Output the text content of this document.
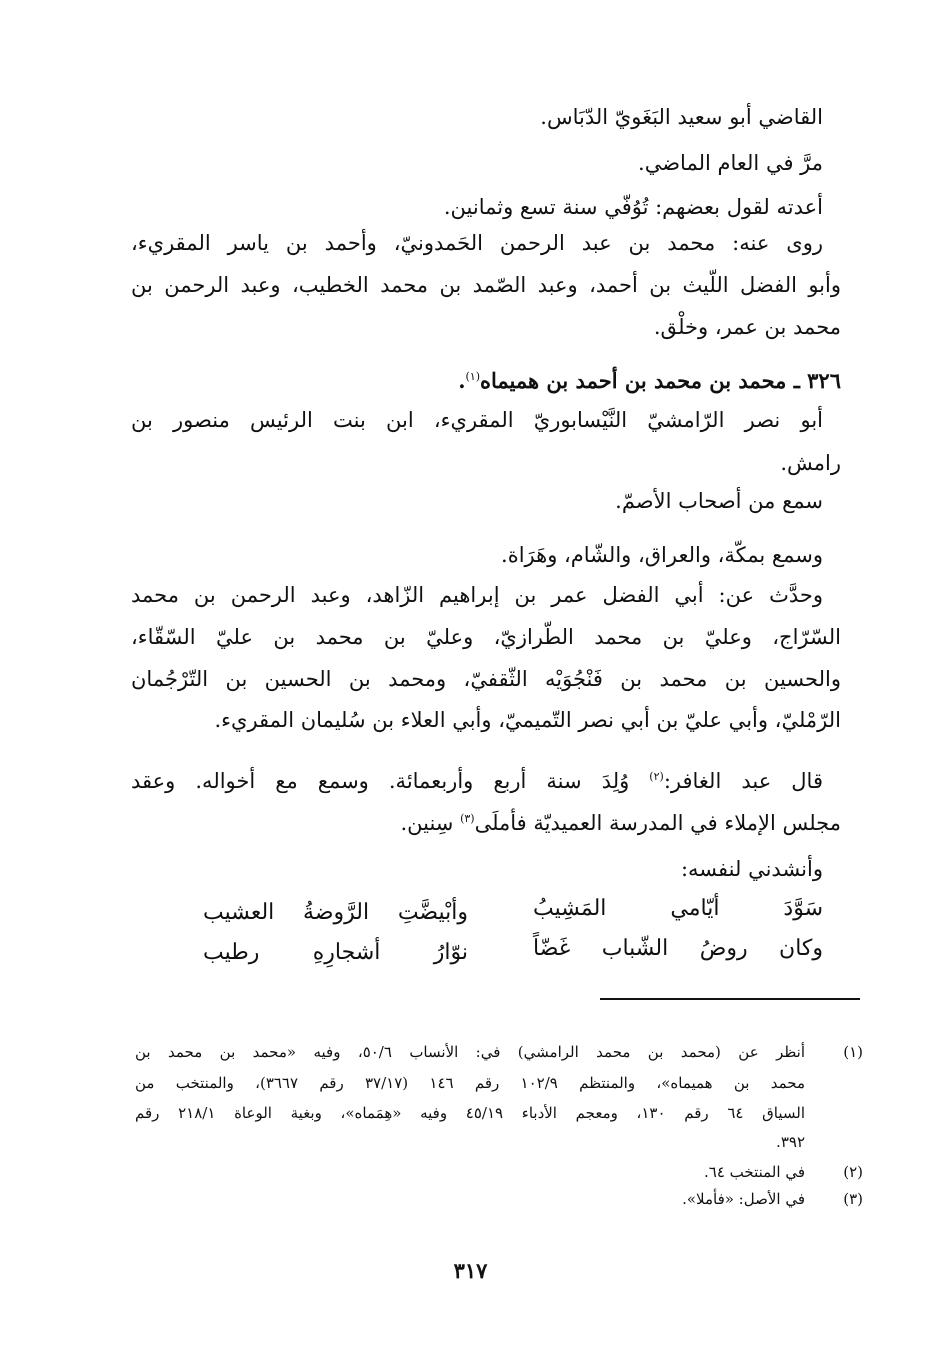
القاضي أبو سعيد البَغَويّ الدّبَاس.
مرَّ في العام الماضي.
أعدته لقول بعضهم: تُوُفّي سنة تسع وثمانين.
روى عنه: محمد بن عبد الرحمن الحَمدونيّ، وأحمد بن ياسر المقريء،
وأبو الفضل اللّيث بن أحمد، وعبد الصّمد بن محمد الخطيب، وعبد الرحمن بن
محمد بن عمر، وخلْق.
٣٢٦ ـ محمد بن محمد بن أحمد بن هميماه$^{(١)}$.
أبو نصر الرّامشيّ النَّيْسابوريّ المقريء، ابن بنت الرئيس منصور بن
رامش.
سمع من أصحاب الأصمّ.
وسمع بمكّة، والعراق، والشّام، وهَرَاة.
وحدَّث عن: أبي الفضل عمر بن إبراهيم الزّاهد، وعبد الرحمن بن محمد
السّرّاج، وعليّ بن محمد الطّرازيّ، وعليّ بن محمد بن عليّ السّقّاء،
والحسين بن محمد بن فَنْجُوَيْه الثّقفيّ، ومحمد بن الحسين بن التّرْجُمان
الرّمْليّ، وأبي عليّ بن أبي نصر التّميميّ، وأبي العلاء بن سُليمان المقريء.
قال عبد الغافر:$^{(٢)}$ وُلِدَ سنة أربع وأربعمائة. وسمع مع أخواله. وعقد
مجلس الإملاء في المدرسة العميديّة فأملَى$^{(٣)}$ سِنين.
وأنشدني لنفسه:
سَوَّدَ أيّامي المَشِيبُ
وأبْيضَّتِ الرَّوضةُ العشيب
وكان روضُ الشّباب غَضّاً
نوّارُ أشجارِهِ رطيب
(١)
أنظر عن (محمد بن محمد الرامشي) في: الأنساب ٥٠/٦، وفيه «محمد بن محمد بن
محمد بن هميماه»، والمنتظم ١٠٢/٩ رقم ١٤٦ (٣٧/١٧ رقم ٣٦٦٧)، والمنتخب من
السياق ٦٤ رقم ١٣٠، ومعجم الأدباء ٤٥/١٩ وفيه «هِمَماه»، وبغية الوعاة ٢١٨/١ رقم
٣٩٢.
(٢)
في المنتخب ٦٤.
(٣)
في الأصل: «فأملا».
٣١٧
